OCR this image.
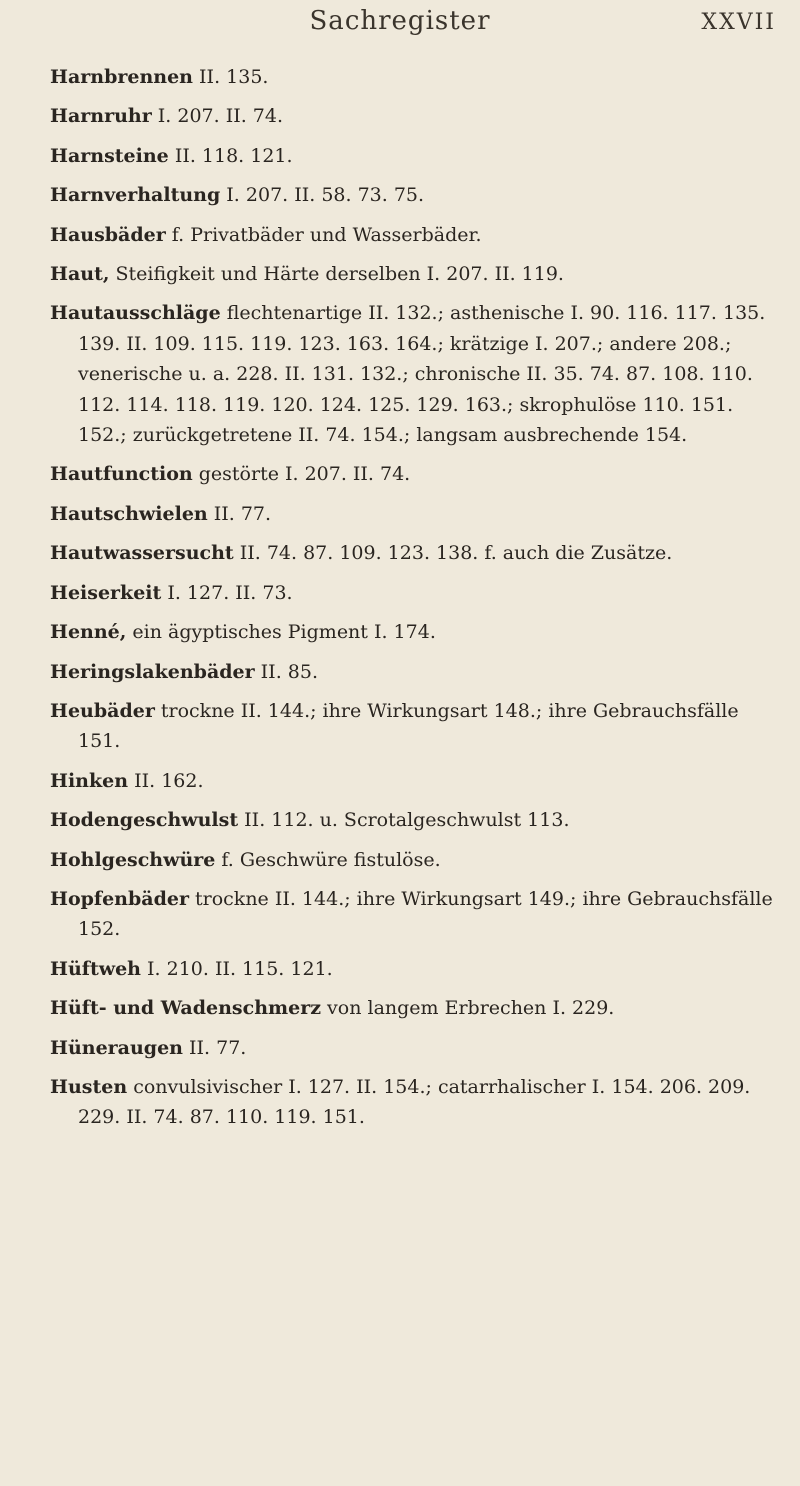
Sachregister	XXVII
Harnbrennen II. 135.
Harnruhr I. 207. II. 74.
Harnsteine II. 118. 121.
Harnverhaltung I. 207. II. 58. 73. 75.
Hausbäder f. Privatbäder und Wasserbäder.
Haut, Steifigkeit und Härte derselben I. 207. II. 119.
Hautausschläge flechtenartige II. 132.; asthenische I. 90. 116. 117. 135. 139. II. 109. 115. 119. 123. 163. 164.; krätzige I. 207.; andere 208.; venerische u. a. 228. II. 131. 132.; chronische II. 35. 74. 87. 108. 110. 112. 114. 118. 119. 120. 124. 125. 129. 163.; skrophulöse 110. 151. 152.; zurückgetretene II. 74. 154.; langsam ausbrechende 154.
Hautfunction gestörte I. 207. II. 74.
Hautschwielen II. 77.
Hautwassersucht II. 74. 87. 109. 123. 138. f. auch die Zusätze.
Heiserkeit I. 127. II. 73.
Henné, ein ägyptisches Pigment I. 174.
Heringslakenbäder II. 85.
Heubäder trockne II. 144.; ihre Wirkungsart 148.; ihre Gebrauchsfälle 151.
Hinken II. 162.
Hodengeschwulst II. 112. u. Scrotalgeschwulst 113.
Hohlgeschwüre f. Geschwüre fistulöse.
Hopfenbäder trockne II. 144.; ihre Wirkungsart 149.; ihre Gebrauchsfälle 152.
Hüftweh I. 210. II. 115. 121.
Hüft- und Wadenschmerz von langem Erbrechen I. 229.
Hüneraugen II. 77.
Husten convulsivischer I. 127. II. 154.; catarrhalischer I. 154. 206. 209. 229. II. 74. 87. 110. 119. 151.
